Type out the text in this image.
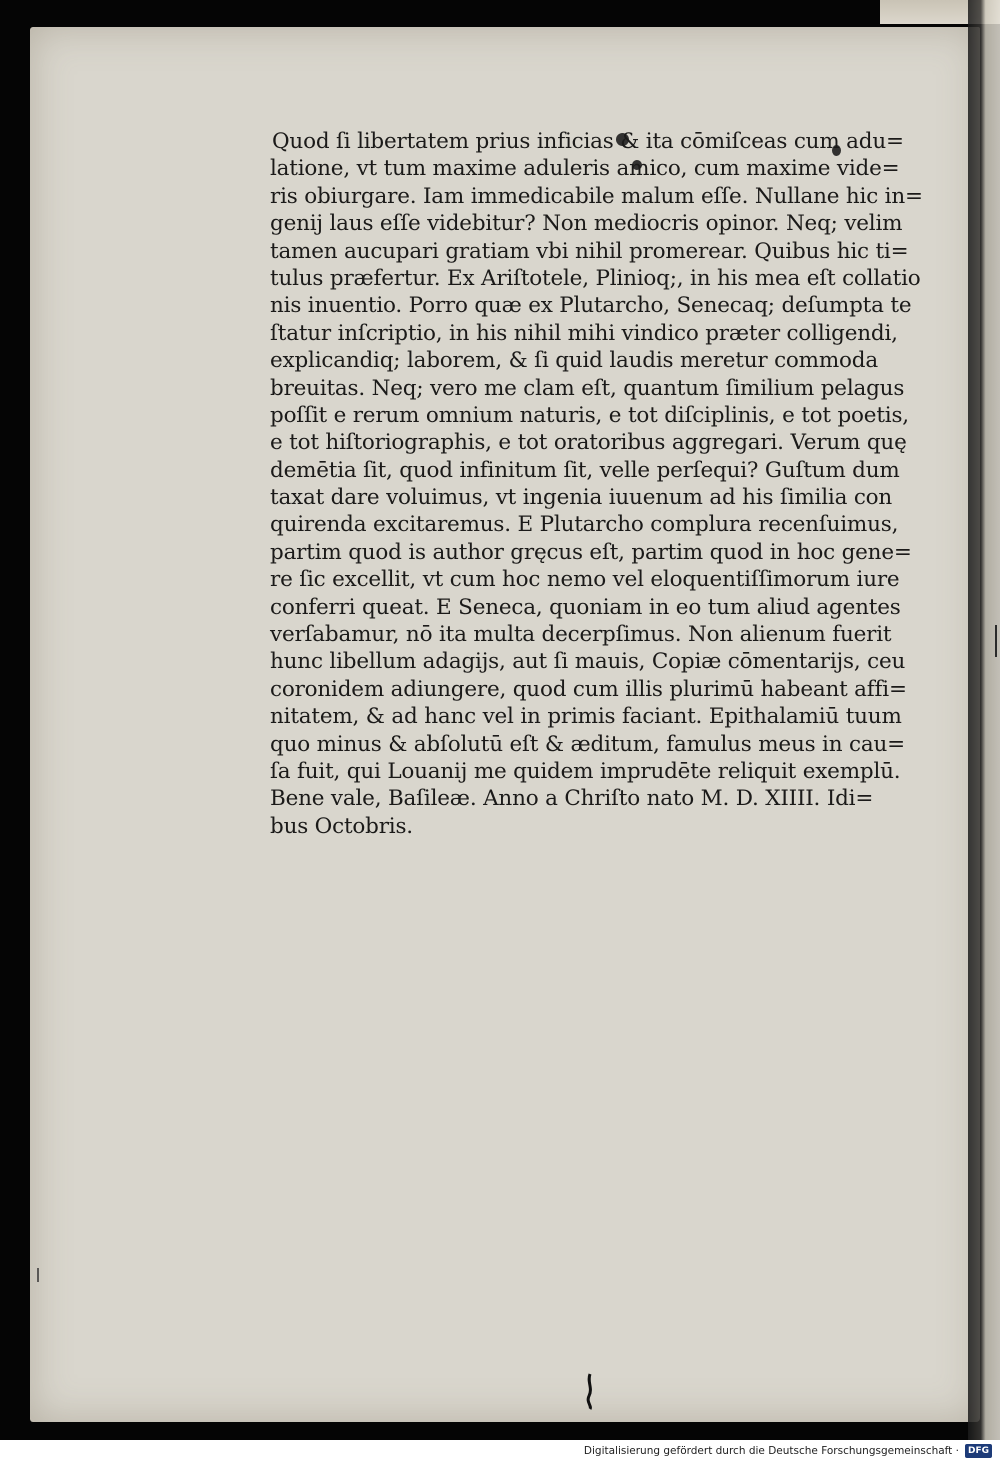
Quod ſi libertatem prius inficias & ita cōmiſceas cum adu=
latione, vt tum maxime aduleris amico, cum maxime vide=
ris obiurgare. Iam immedicabile malum eſſe. Nullane hic in=
genij laus eſſe videbitur? Non mediocris opinor. Neq; velim
tamen aucupari gratiam vbi nihil promerear. Quibus hic ti=
tulus præfertur. Ex Ariſtotele, Plinioq;, in his mea eſt collatio
nis inuentio. Porro quæ ex Plutarcho, Senecaq; deſumpta te
ſtatur inſcriptio, in his nihil mihi vindico præter colligendi,
explicandiq; laborem, & ſi quid laudis meretur commoda
breuitas. Neq; vero me clam eſt, quantum ſimilium pelagus
poſſit e rerum omnium naturis, e tot diſciplinis, e tot poetis,
e tot hiſtoriographis, e tot oratoribus aggregari. Verum quę
demētia ſit, quod infinitum ſit, velle perſequi? Guſtum dum
taxat dare voluimus, vt ingenia iuuenum ad his ſimilia con
quirenda excitaremus. E Plutarcho complura recenſuimus,
partim quod is author gręcus eſt, partim quod in hoc gene=
re ſic excellit, vt cum hoc nemo vel eloquentiſſimorum iure
conferri queat. E Seneca, quoniam in eo tum aliud agentes
verſabamur, nō ita multa decerpſimus. Non alienum fuerit
hunc libellum adagijs, aut ſi mauis, Copiæ cōmentarijs, ceu
coronidem adiungere, quod cum illis plurimū habeant affi=
nitatem, & ad hanc vel in primis faciant. Epithalamiū tuum
quo minus & abſolutū eſt & æditum, famulus meus in cau=
ſa fuit, qui Louanij me quidem imprudēte reliquit exemplū.
Bene vale, Baſileæ. Anno a Chriſto nato M. D. XIIII. Idi=
bus Octobris.
Digitalisierung gefördert durch die Deutsche Forschungsgemeinschaft ·	DFG
